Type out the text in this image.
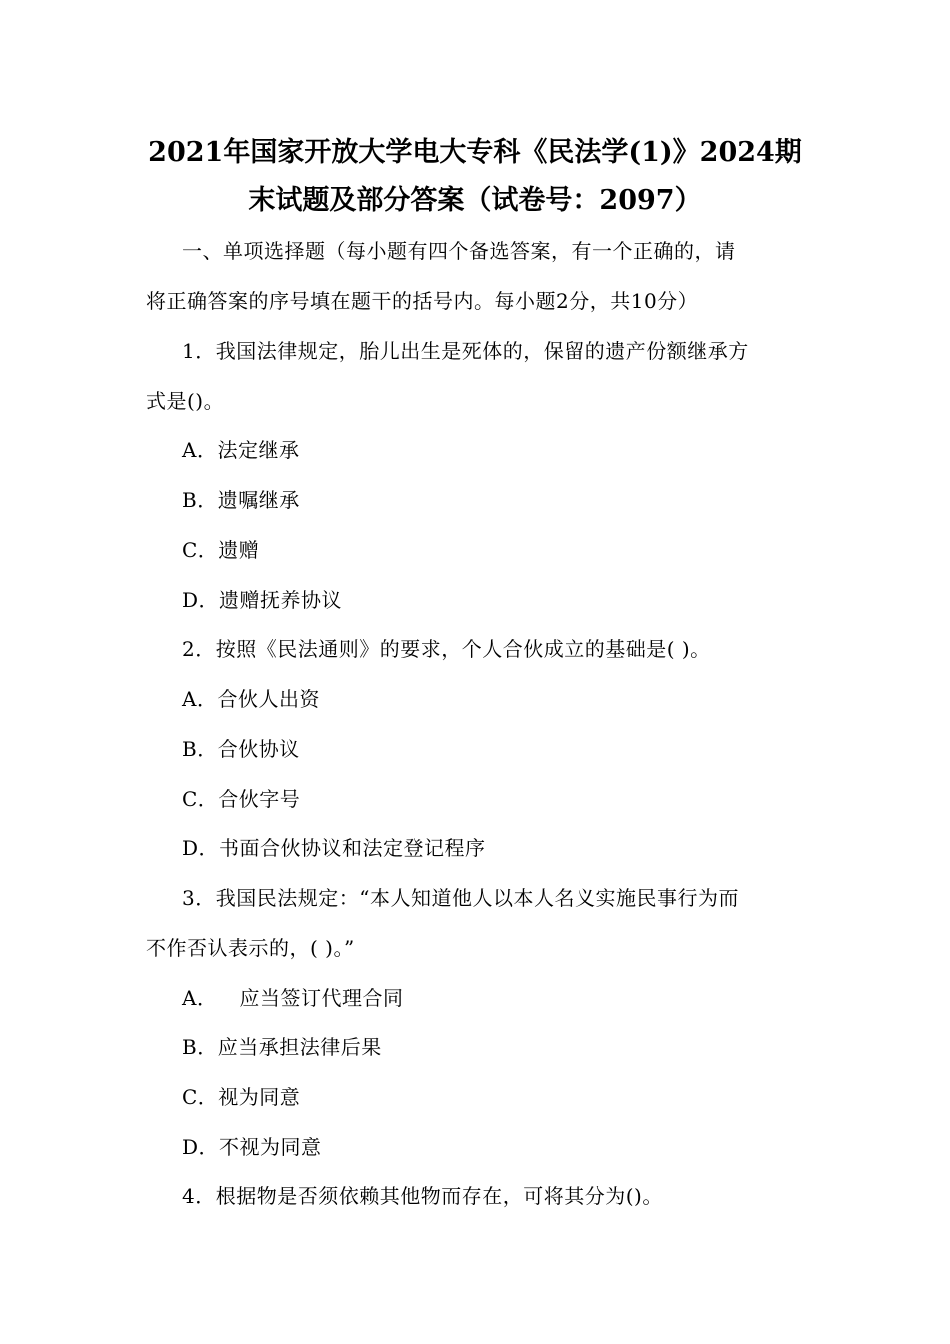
2021年国家开放大学电大专科《民法学(1)》2024期
末试题及部分答案（试卷号：2097）
一、单项选择题（每小题有四个备选答案，有一个正确的，请
将正确答案的序号填在题干的括号内。每小题2分，共10分）
1．我国法律规定，胎儿出生是死体的，保留的遗产份额继承方
式是()。
A．法定继承
B．遗嘱继承
C．遗赠
D．遗赠抚养协议
2．按照《民法通则》的要求，个人合伙成立的基础是( )。
A．合伙人出资
B．合伙协议
C．合伙字号
D．书面合伙协议和法定登记程序
3．我国民法规定：“本人知道他人以本人名义实施民事行为而
不作否认表示的，( )。”
A． 应当签订代理合同
B．应当承担法律后果
C．视为同意
D．不视为同意
4．根据物是否须依赖其他物而存在，可将其分为()。
